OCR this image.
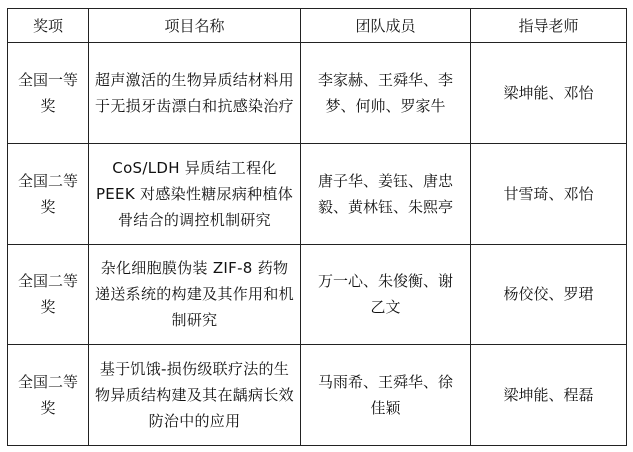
奖项	项目名称	团队成员	指导老师
全国一等奖	超声激活的生物异质结材料用于无损牙齿漂白和抗感染治疗	李家赫、王舜华、李梦、何帅、罗家牛	梁坤能、邓怡
全国二等奖	CoS/LDH 异质结工程化 PEEK 对感染性糖尿病种植体骨结合的调控机制研究	唐子华、姜钰、唐忠毅、黄林钰、朱熙亭	甘雪琦、邓怡
全国二等奖	杂化细胞膜伪装 ZIF-8 药物递送系统的构建及其作用和机制研究	万一心、朱俊衡、谢乙文	杨佼佼、罗珺
全国二等奖	基于饥饿-损伤级联疗法的生物异质结构建及其在龋病长效防治中的应用	马雨希、王舜华、徐佳颖	梁坤能、程磊
